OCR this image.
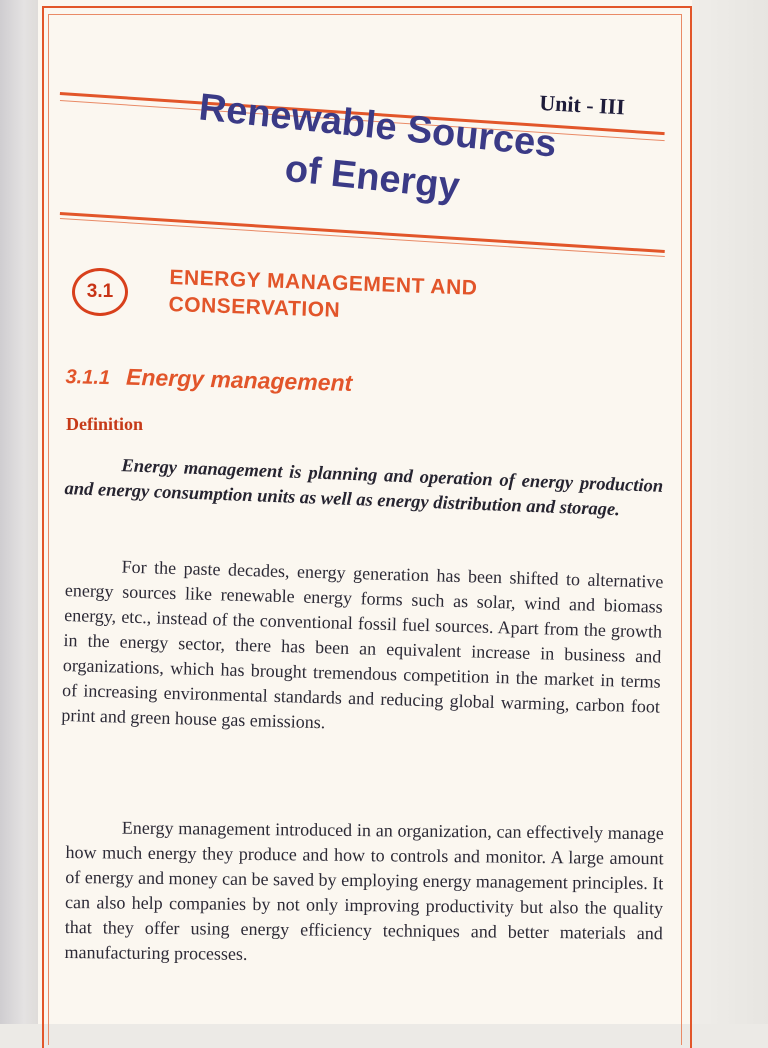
Unit - III
Renewable Sources
of Energy
3.1	ENERGY MANAGEMENT AND
CONSERVATION
3.1.1 Energy management
Definition

Energy management is planning and operation of energy production and energy consumption units as well as energy distribution and storage.

For the paste decades, energy generation has been shifted to alternative energy sources like renewable energy forms such as solar, wind and biomass energy, etc., instead of the conventional fossil fuel sources. Apart from the growth in the energy sector, there has been an equivalent increase in business and organizations, which has brought tremendous competition in the market in terms of increasing environmental standards and reducing global warming, carbon foot print and green house gas emissions.

Energy management introduced in an organization, can effectively manage how much energy they produce and how to controls and monitor. A large amount of energy and money can be saved by employing energy management principles. It can also help companies by not only improving productivity but also the quality that they offer using energy efficiency techniques and better materials and manufacturing processes.
